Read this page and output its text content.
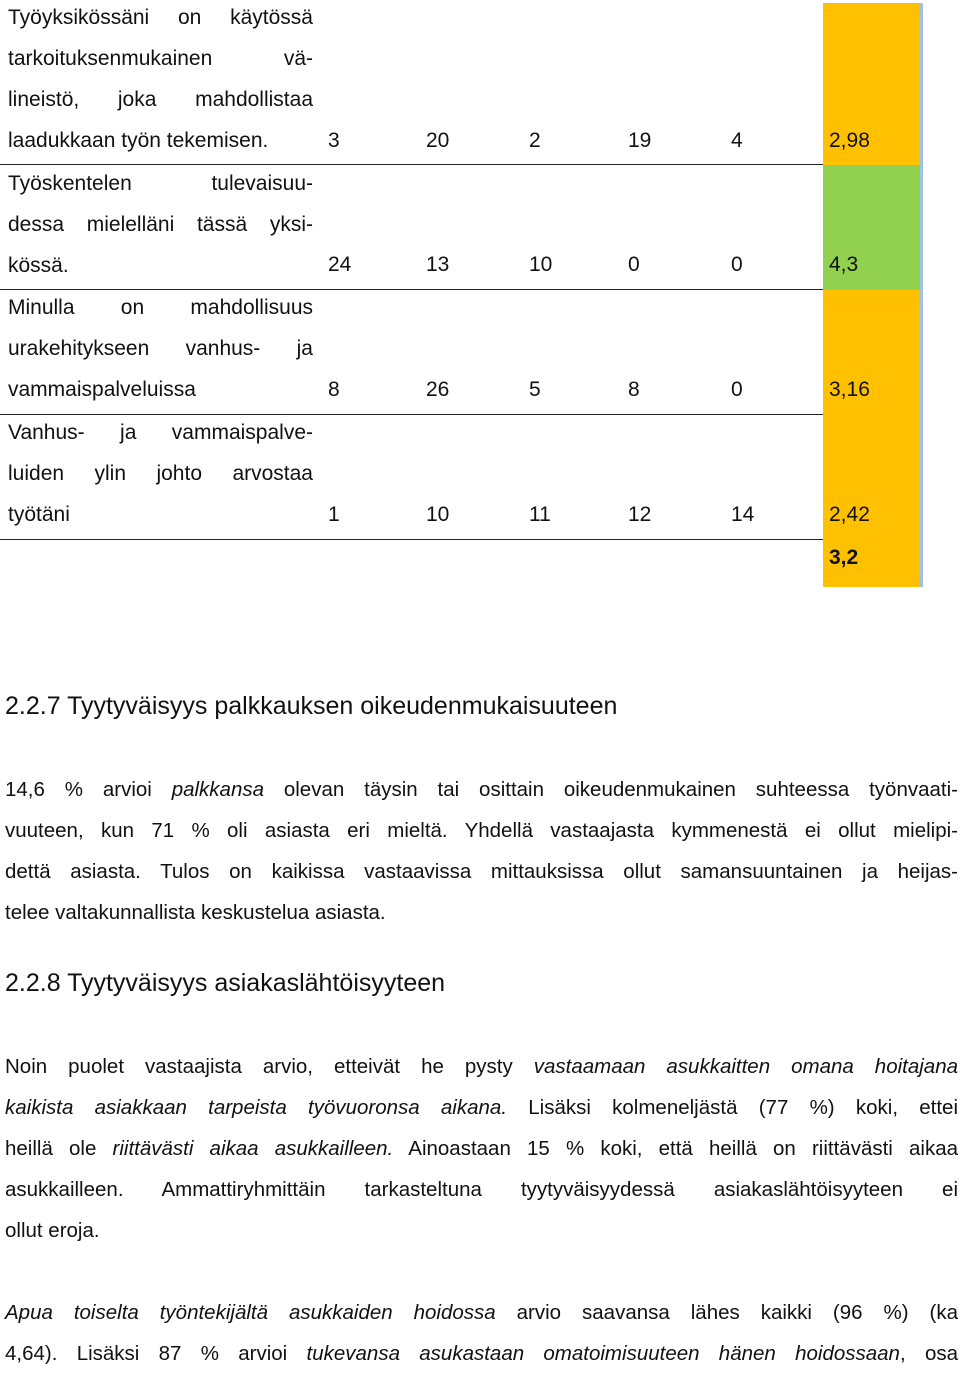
Työyksikössäni on käytössä
tarkoituksenmukainen vä-
lineistö, joka mahdollistaa
laadukkaan työn tekemisen.	3	20	2	19	4	2,98
Työskentelen tulevaisuu-
dessa mielelläni tässä yksi-
kössä.	24	13	10	0	0	4,3
Minulla on mahdollisuus
urakehitykseen vanhus- ja
vammaispalveluissa	8	26	5	8	0	3,16
Vanhus- ja vammaispalve-
luiden ylin johto arvostaa
työtäni	1	10	11	12	14	2,42
3,2
2.2.7 Tyytyväisyys palkkauksen oikeudenmukaisuuteen
14,6 % arvioi palkkansa olevan täysin tai osittain oikeudenmukainen suhteessa työnvaati-
vuuteen, kun 71 % oli asiasta eri mieltä. Yhdellä vastaajasta kymmenestä ei ollut mielipi-
dettä asiasta. Tulos on kaikissa vastaavissa mittauksissa ollut samansuuntainen ja heijas-
telee valtakunnallista keskustelua asiasta.
2.2.8 Tyytyväisyys asiakaslähtöisyyteen
Noin puolet vastaajista arvio, etteivät he pysty vastaamaan asukkaitten omana hoitajana
kaikista asiakkaan tarpeista työvuoronsa aikana. Lisäksi kolmeneljästä (77 %) koki, ettei
heillä ole riittävästi aikaa asukkailleen. Ainoastaan 15 % koki, että heillä on riittävästi aikaa
asukkailleen. Ammattiryhmittäin tarkasteltuna tyytyväisyydessä asiakaslähtöisyyteen ei
ollut eroja.
Apua toiselta työntekijältä asukkaiden hoidossa arvio saavansa lähes kaikki (96 %) (ka
4,64). Lisäksi 87 % arvioi tukevansa asukastaan omatoimisuuteen hänen hoidossaan, osa
